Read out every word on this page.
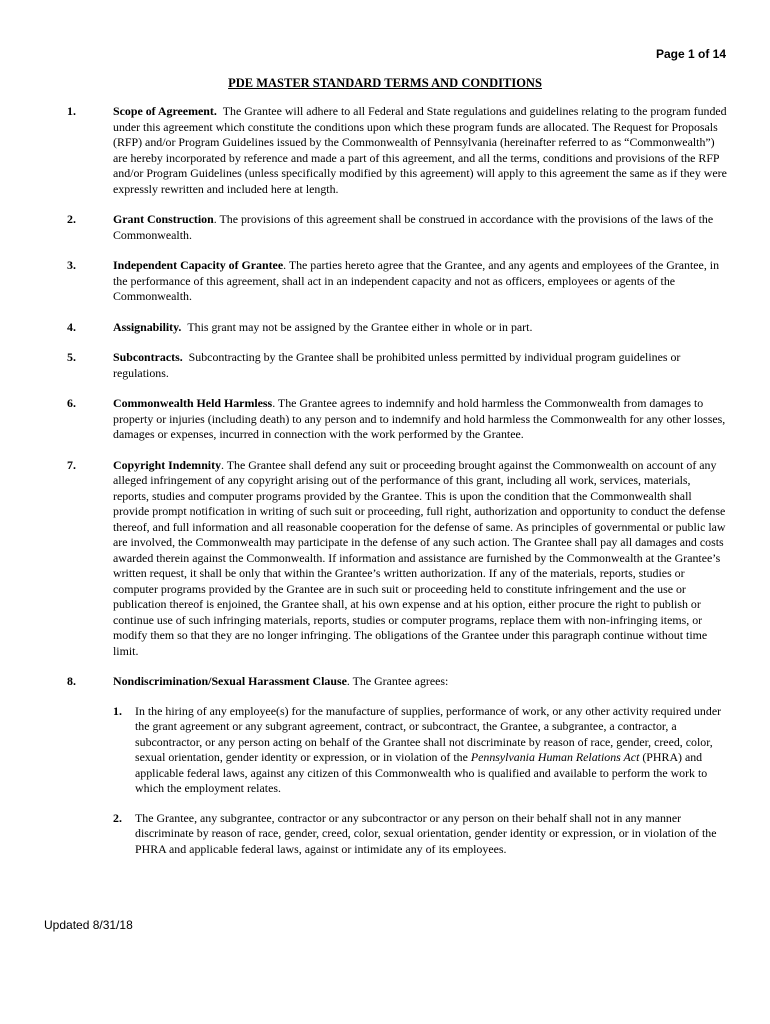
Page 1 of 14
PDE MASTER STANDARD TERMS AND CONDITIONS
1.	Scope of Agreement. The Grantee will adhere to all Federal and State regulations and guidelines relating to the program funded under this agreement which constitute the conditions upon which these program funds are allocated. The Request for Proposals (RFP) and/or Program Guidelines issued by the Commonwealth of Pennsylvania (hereinafter referred to as “Commonwealth”) are hereby incorporated by reference and made a part of this agreement, and all the terms, conditions and provisions of the RFP and/or Program Guidelines (unless specifically modified by this agreement) will apply to this agreement the same as if they were expressly rewritten and included here at length.
2.	Grant Construction. The provisions of this agreement shall be construed in accordance with the provisions of the laws of the Commonwealth.
3.	Independent Capacity of Grantee. The parties hereto agree that the Grantee, and any agents and employees of the Grantee, in the performance of this agreement, shall act in an independent capacity and not as officers, employees or agents of the Commonwealth.
4.	Assignability. This grant may not be assigned by the Grantee either in whole or in part.
5.	Subcontracts. Subcontracting by the Grantee shall be prohibited unless permitted by individual program guidelines or regulations.
6.	Commonwealth Held Harmless. The Grantee agrees to indemnify and hold harmless the Commonwealth from damages to property or injuries (including death) to any person and to indemnify and hold harmless the Commonwealth for any other losses, damages or expenses, incurred in connection with the work performed by the Grantee.
7.	Copyright Indemnity. The Grantee shall defend any suit or proceeding brought against the Commonwealth on account of any alleged infringement of any copyright arising out of the performance of this grant, including all work, services, materials, reports, studies and computer programs provided by the Grantee. This is upon the condition that the Commonwealth shall provide prompt notification in writing of such suit or proceeding, full right, authorization and opportunity to conduct the defense thereof, and full information and all reasonable cooperation for the defense of same. As principles of governmental or public law are involved, the Commonwealth may participate in the defense of any such action. The Grantee shall pay all damages and costs awarded therein against the Commonwealth. If information and assistance are furnished by the Commonwealth at the Grantee’s written request, it shall be only that within the Grantee’s written authorization. If any of the materials, reports, studies or computer programs provided by the Grantee are in such suit or proceeding held to constitute infringement and the use or publication thereof is enjoined, the Grantee shall, at his own expense and at his option, either procure the right to publish or continue use of such infringing materials, reports, studies or computer programs, replace them with non-infringing items, or modify them so that they are no longer infringing. The obligations of the Grantee under this paragraph continue without time limit.
8.	Nondiscrimination/Sexual Harassment Clause. The Grantee agrees:
1.	In the hiring of any employee(s) for the manufacture of supplies, performance of work, or any other activity required under the grant agreement or any subgrant agreement, contract, or subcontract, the Grantee, a subgrantee, a contractor, a subcontractor, or any person acting on behalf of the Grantee shall not discriminate by reason of race, gender, creed, color, sexual orientation, gender identity or expression, or in violation of the Pennsylvania Human Relations Act (PHRA) and applicable federal laws, against any citizen of this Commonwealth who is qualified and available to perform the work to which the employment relates.
2.	The Grantee, any subgrantee, contractor or any subcontractor or any person on their behalf shall not in any manner discriminate by reason of race, gender, creed, color, sexual orientation, gender identity or expression, or in violation of the PHRA and applicable federal laws, against or intimidate any of its employees.
Updated 8/31/18
